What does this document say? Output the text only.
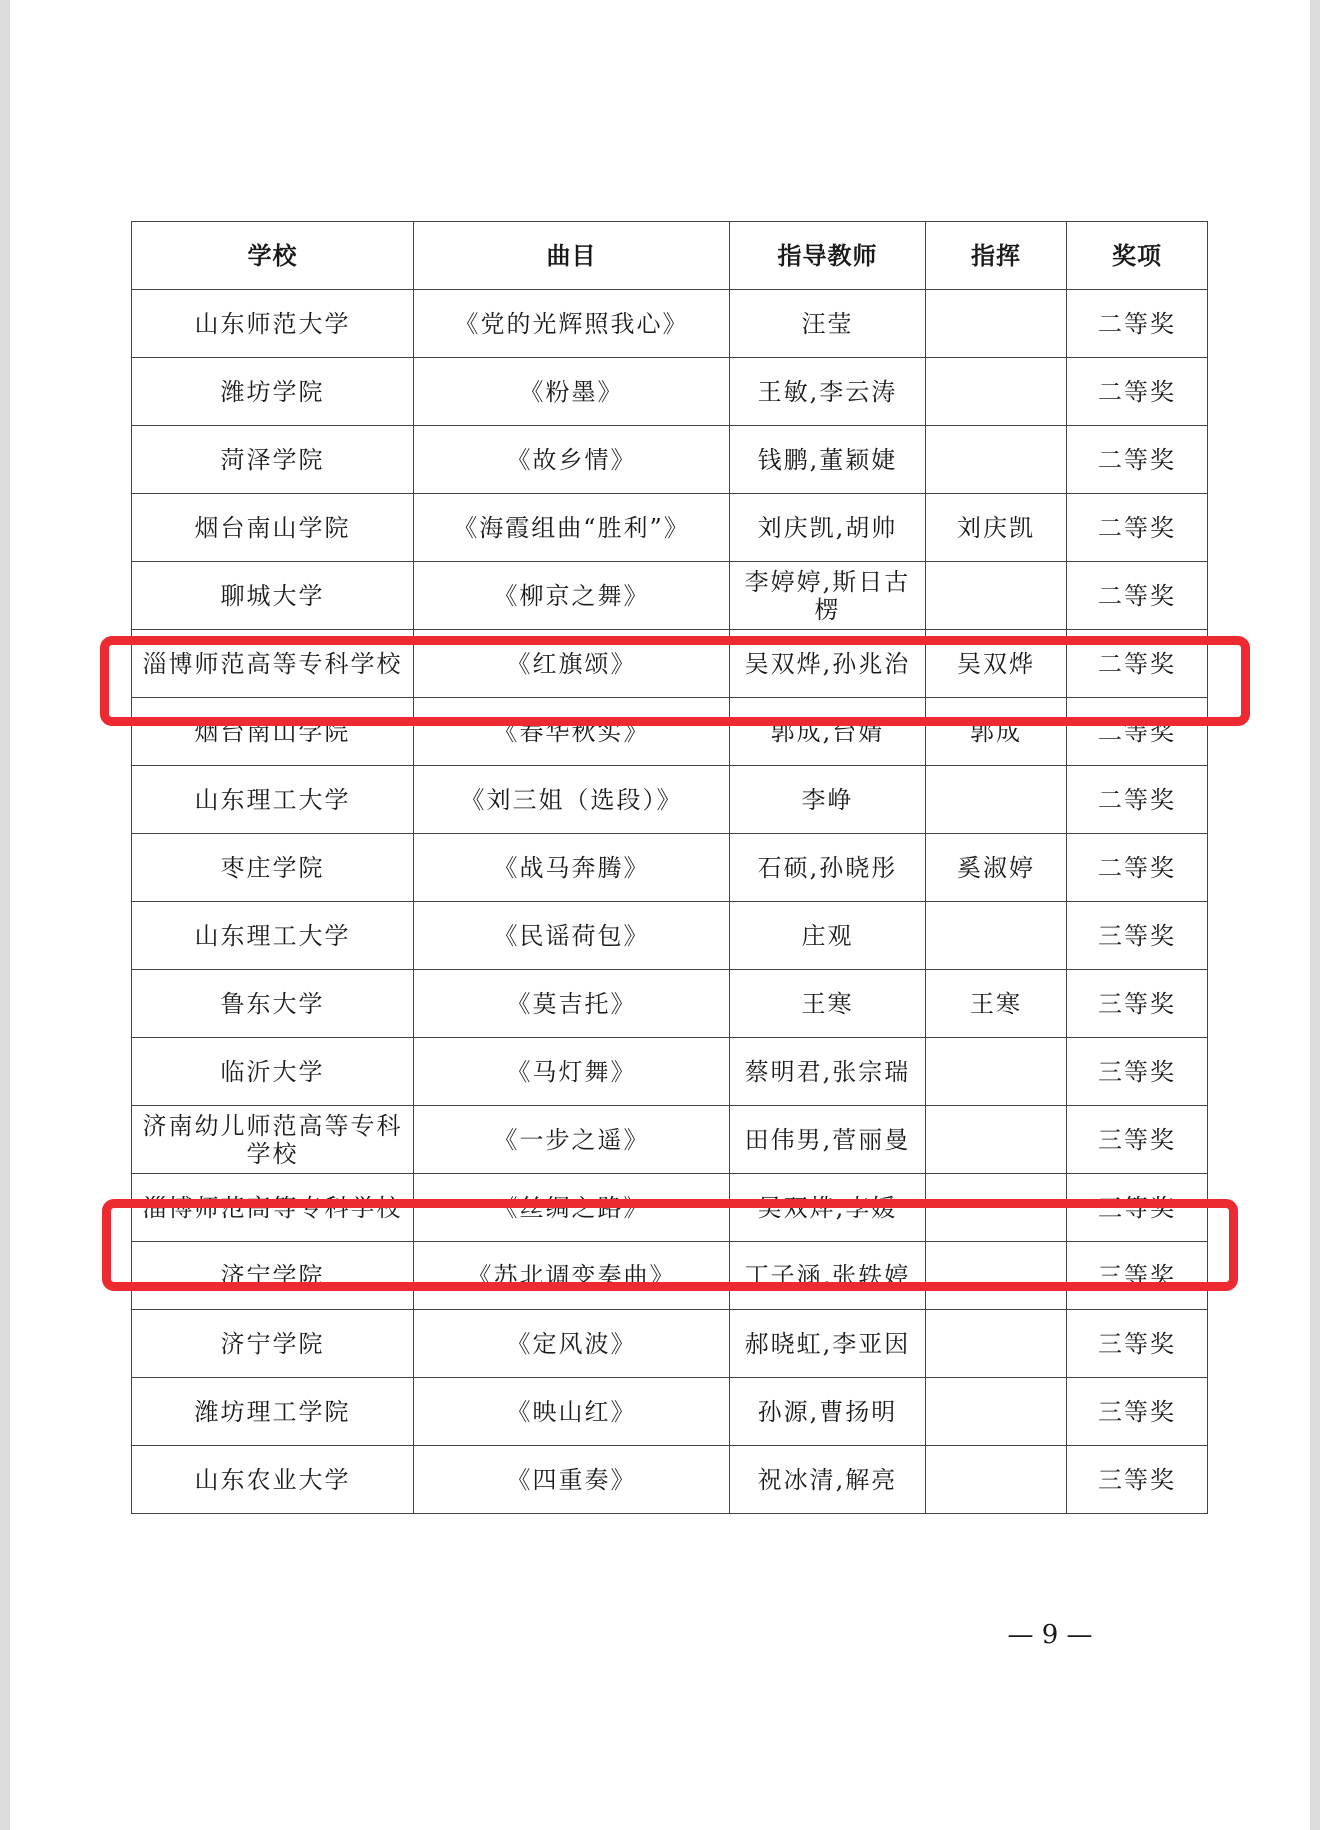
学校	曲目	指导教师	指挥	奖项
山东师范大学	《党的光辉照我心》	汪莹		二等奖
潍坊学院	《粉墨》	王敏,李云涛		二等奖
菏泽学院	《故乡情》	钱鹏,董颖婕		二等奖
烟台南山学院	《海霞组曲“胜利”》	刘庆凯,胡帅	刘庆凯	二等奖
聊城大学	《柳京之舞》	李婷婷,斯日古楞		二等奖
淄博师范高等专科学校	《红旗颂》	吴双烨,孙兆治	吴双烨	二等奖
烟台南山学院	《春华秋实》	郭成,台婧	郭成	二等奖
山东理工大学	《刘三姐（选段）》	李峥		二等奖
枣庄学院	《战马奔腾》	石硕,孙晓彤	奚淑婷	二等奖
山东理工大学	《民谣荷包》	庄观		三等奖
鲁东大学	《莫吉托》	王寒	王寒	三等奖
临沂大学	《马灯舞》	蔡明君,张宗瑞		三等奖
济南幼儿师范高等专科学校	《一步之遥》	田伟男,菅丽曼		三等奖
淄博师范高等专科学校	《丝绸之路》	吴双烨,李媛		三等奖
济宁学院	《苏北调变奏曲》	丁子涵,张轶婷		三等奖
济宁学院	《定风波》	郝晓虹,李亚因		三等奖
潍坊理工学院	《映山红》	孙源,曹扬明		三等奖
山东农业大学	《四重奏》	祝冰清,解亮		三等奖
— 9 —
